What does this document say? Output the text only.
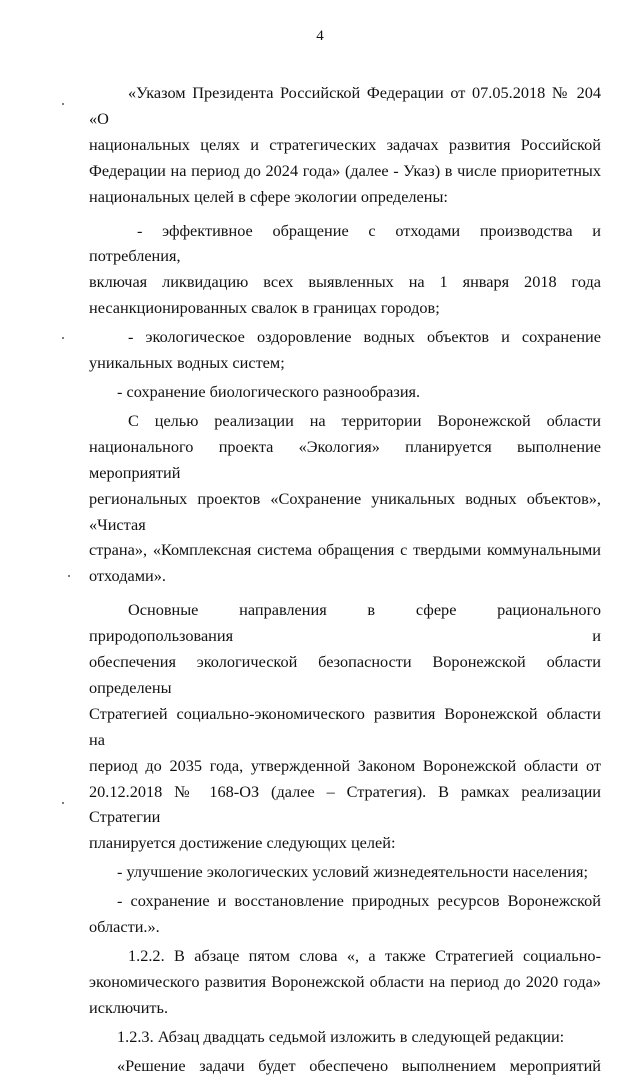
4

«Указом Президента Российской Федерации от 07.05.2018 № 204 «О

национальных целях и стратегических задачах развития Российской

Федерации на период до 2024 года» (далее - Указ) в числе приоритетных

национальных целей в сфере экологии определены:

- эффективное обращение с отходами производства и потребления,

включая ликвидацию всех выявленных на 1 января 2018 года

несанкционированных свалок в границах городов;

- экологическое оздоровление водных объектов и сохранение

уникальных водных систем;

- сохранение биологического разнообразия.

С целью реализации на территории Воронежской области

национального проекта «Экология» планируется выполнение мероприятий

региональных проектов «Сохранение уникальных водных объектов», «Чистая

страна», «Комплексная система обращения с твердыми коммунальными

отходами».

Основные направления в сфере рационального природопользования и

обеспечения экологической безопасности Воронежской области определены

Стратегией социально-экономического развития Воронежской области на

период до 2035 года, утвержденной Законом Воронежской области от

20.12.2018 № 168-ОЗ (далее – Стратегия). В рамках реализации Стратегии

планируется достижение следующих целей:

- улучшение экологических условий жизнедеятельности населения;

- сохранение и восстановление природных ресурсов Воронежской

области.».

1.2.2. В абзаце пятом слова «, а также Стратегией социально-

экономического развития Воронежской области на период до 2020 года»

исключить.

1.2.3. Абзац двадцать седьмой изложить в следующей редакции:

«Решение задачи будет обеспечено выполнением мероприятий
